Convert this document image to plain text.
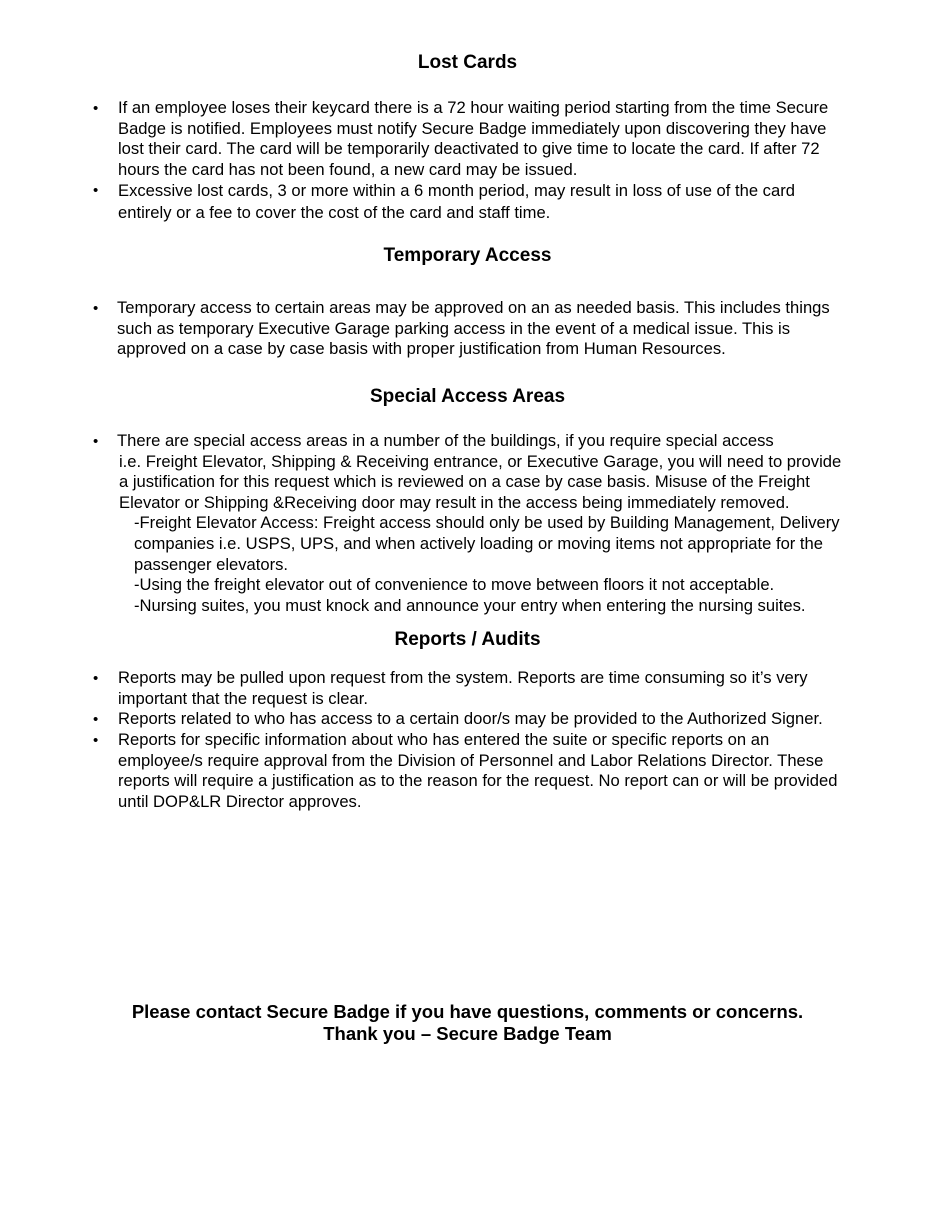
Lost Cards
• If an employee loses their keycard there is a 72 hour waiting period starting from the time Secure
Badge is notified. Employees must notify Secure Badge immediately upon discovering they have
lost their card. The card will be temporarily deactivated to give time to locate the card. If after 72
hours the card has not been found, a new card may be issued.
• Excessive lost cards, 3 or more within a 6 month period, may result in loss of use of the card
entirely or a fee to cover the cost of the card and staff time.
Temporary Access
• Temporary access to certain areas may be approved on an as needed basis. This includes things
such as temporary Executive Garage parking access in the event of a medical issue. This is
approved on a case by case basis with proper justification from Human Resources.
Special Access Areas
• There are special access areas in a number of the buildings, if you require special access
i.e. Freight Elevator, Shipping & Receiving entrance, or Executive Garage, you will need to provide
a justification for this request which is reviewed on a case by case basis. Misuse of the Freight
Elevator or Shipping &Receiving door may result in the access being immediately removed.
-Freight Elevator Access: Freight access should only be used by Building Management, Delivery
companies i.e. USPS, UPS, and when actively loading or moving items not appropriate for the
passenger elevators.
-Using the freight elevator out of convenience to move between floors it not acceptable.
-Nursing suites, you must knock and announce your entry when entering the nursing suites.
Reports / Audits
• Reports may be pulled upon request from the system. Reports are time consuming so it’s very
important that the request is clear.
• Reports related to who has access to a certain door/s may be provided to the Authorized Signer.
• Reports for specific information about who has entered the suite or specific reports on an
employee/s require approval from the Division of Personnel and Labor Relations Director. These
reports will require a justification as to the reason for the request. No report can or will be provided
until DOP&LR Director approves.
Please contact Secure Badge if you have questions, comments or concerns.
Thank you – Secure Badge Team
